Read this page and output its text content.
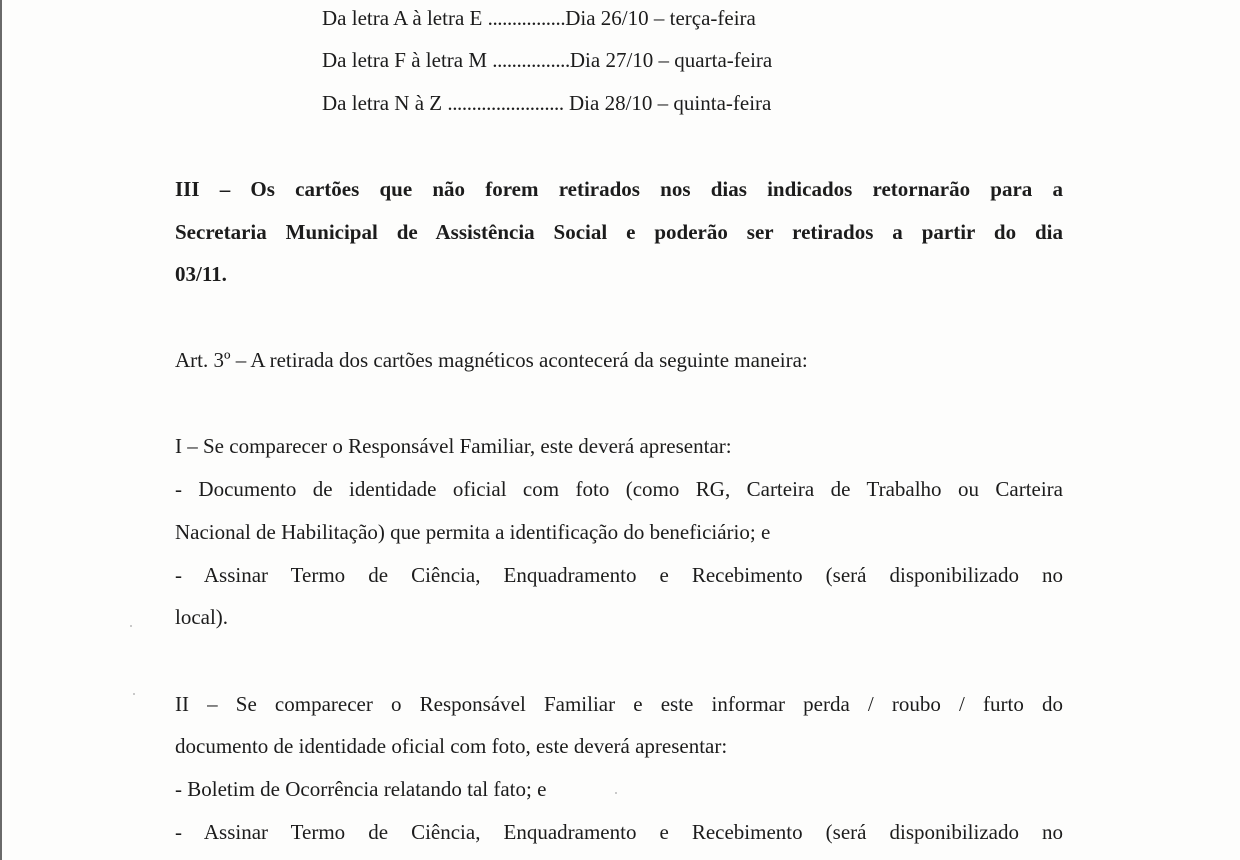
Da letra A à letra E ................Dia 26/10 – terça-feira
Da letra F à letra M ................Dia 27/10 – quarta-feira
Da letra N à Z ........................ Dia 28/10 – quinta-feira
III – Os cartões que não forem retirados nos dias indicados retornarão para a
Secretaria Municipal de Assistência Social e poderão ser retirados a partir do dia
03/11.
Art. 3º – A retirada dos cartões magnéticos acontecerá da seguinte maneira:
I – Se comparecer o Responsável Familiar, este deverá apresentar:
- Documento de identidade oficial com foto (como RG, Carteira de Trabalho ou Carteira
Nacional de Habilitação) que permita a identificação do beneficiário; e
- Assinar Termo de Ciência, Enquadramento e Recebimento (será disponibilizado no
local).
II – Se comparecer o Responsável Familiar e este informar perda / roubo / furto do
documento de identidade oficial com foto, este deverá apresentar:
- Boletim de Ocorrência relatando tal fato; e
- Assinar Termo de Ciência, Enquadramento e Recebimento (será disponibilizado no
